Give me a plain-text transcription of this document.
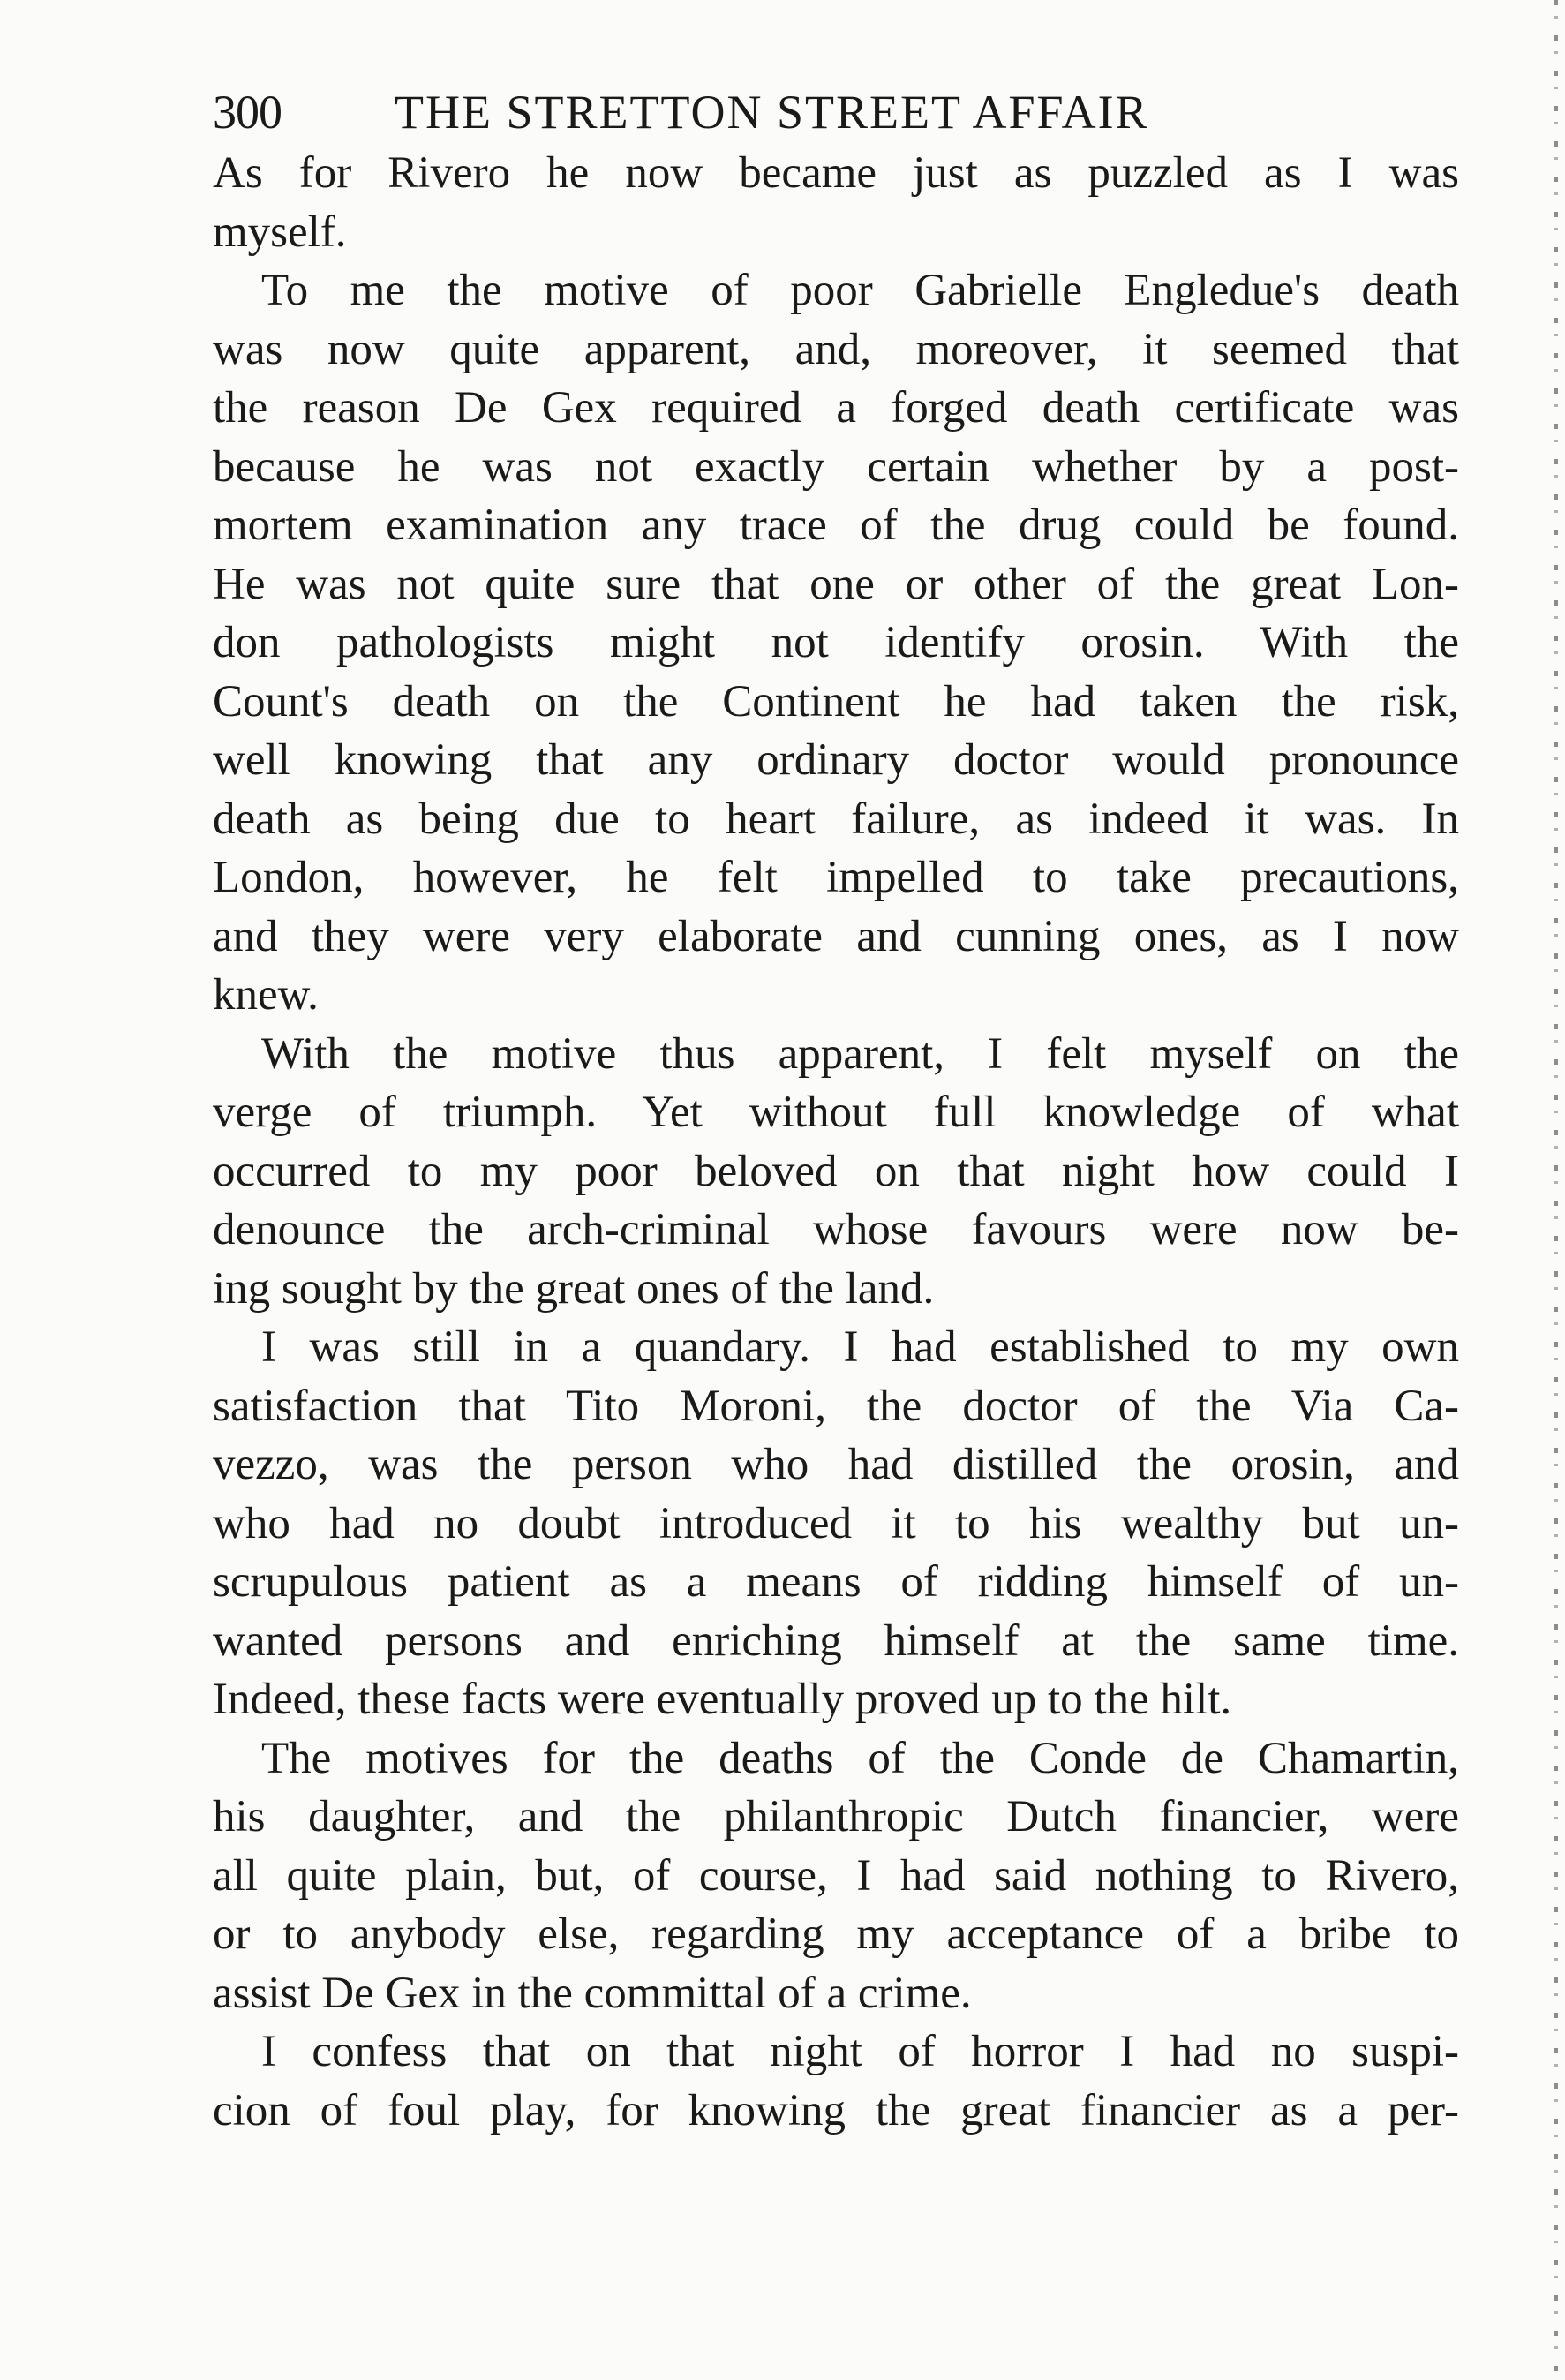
300 THE STRETTON STREET AFFAIR
As for Rivero he now became just as puzzled as I was
myself.
To me the motive of poor Gabrielle Engledue's death
was now quite apparent, and, moreover, it seemed that
the reason De Gex required a forged death certificate was
because he was not exactly certain whether by a post-
mortem examination any trace of the drug could be found.
He was not quite sure that one or other of the great Lon-
don pathologists might not identify orosin. With the
Count's death on the Continent he had taken the risk,
well knowing that any ordinary doctor would pronounce
death as being due to heart failure, as indeed it was. In
London, however, he felt impelled to take precautions,
and they were very elaborate and cunning ones, as I now
knew.
With the motive thus apparent, I felt myself on the
verge of triumph. Yet without full knowledge of what
occurred to my poor beloved on that night how could I
denounce the arch-criminal whose favours were now be-
ing sought by the great ones of the land.
I was still in a quandary. I had established to my own
satisfaction that Tito Moroni, the doctor of the Via Ca-
vezzo, was the person who had distilled the orosin, and
who had no doubt introduced it to his wealthy but un-
scrupulous patient as a means of ridding himself of un-
wanted persons and enriching himself at the same time.
Indeed, these facts were eventually proved up to the hilt.
The motives for the deaths of the Conde de Chamartin,
his daughter, and the philanthropic Dutch financier, were
all quite plain, but, of course, I had said nothing to Rivero,
or to anybody else, regarding my acceptance of a bribe to
assist De Gex in the committal of a crime.
I confess that on that night of horror I had no suspi-
cion of foul play, for knowing the great financier as a per-
